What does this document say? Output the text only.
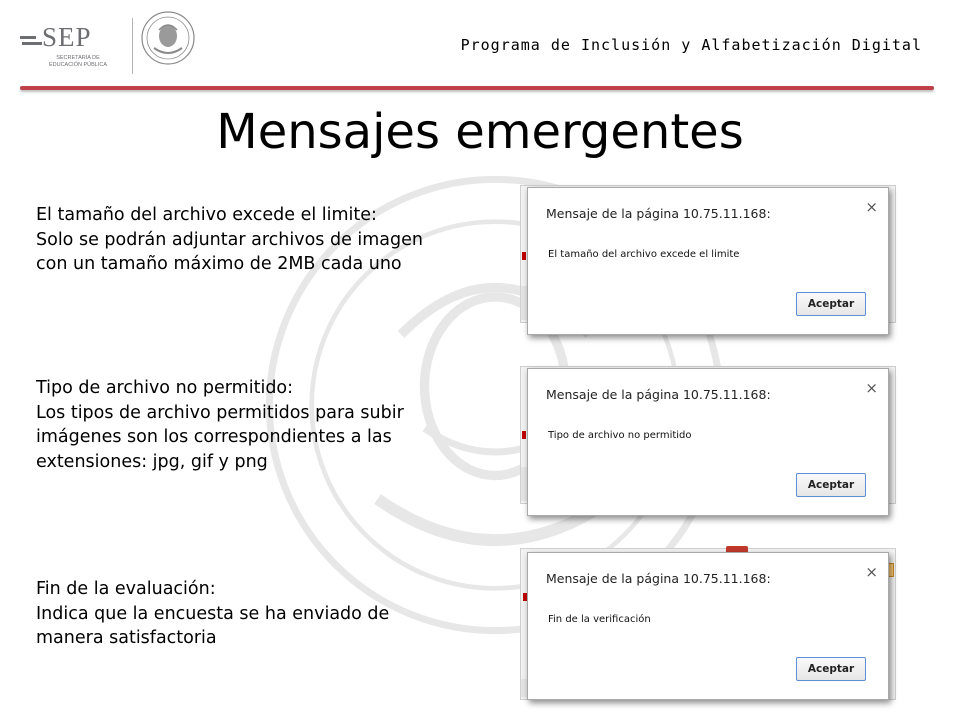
SEP
SECRETARÍA DE
EDUCACIÓN PÚBLICA
Programa de Inclusión y Alfabetización Digital
Mensajes emergentes
El tamaño del archivo excede el limite:
Solo se podrán adjuntar archivos de imagen
con un tamaño máximo de 2MB cada uno
Mensaje de la página 10.75.11.168:	×
El tamaño del archivo excede el limite
Aceptar
Tipo de archivo no permitido:
Los tipos de archivo permitidos para subir
imágenes son los correspondientes a las
extensiones: jpg, gif y png
Mensaje de la página 10.75.11.168:	×
Tipo de archivo no permitido
Aceptar
Fin de la evaluación:
Indica que la encuesta se ha enviado de
manera satisfactoria
Mensaje de la página 10.75.11.168:	×
Fin de la verificación
Aceptar
